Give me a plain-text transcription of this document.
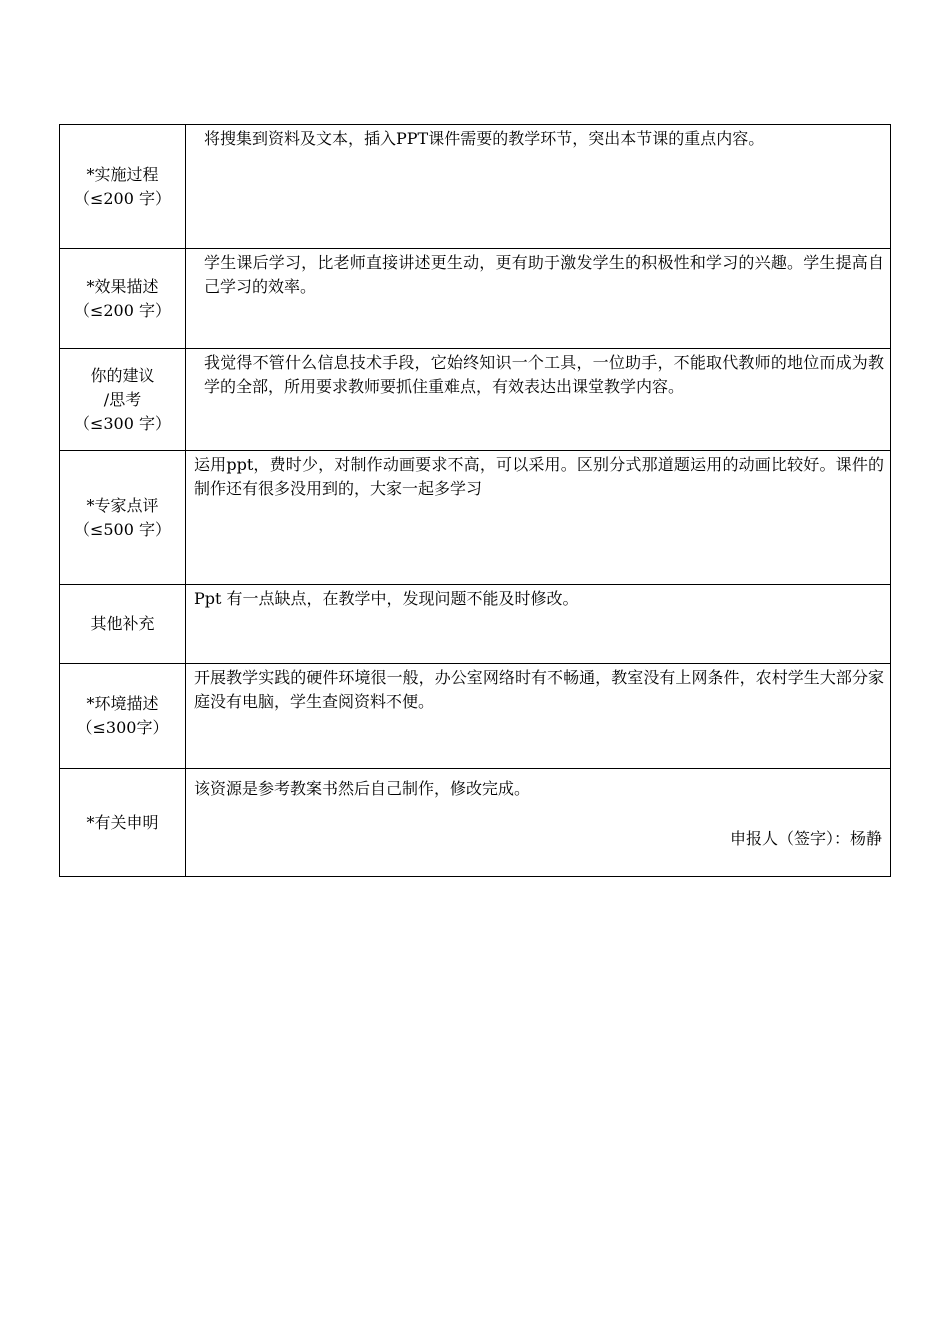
*实施过程
（≤200 字）	将搜集到资料及文本，插入PPT课件需要的教学环节，突出本节课的重点内容。

*效果描述
（≤200 字）	学生课后学习，比老师直接讲述更生动，更有助于激发学生的积极性和学习的兴趣。学生提高自己学习的效率。

你的建议
/思考
（≤300 字）	我觉得不管什么信息技术手段，它始终知识一个工具，一位助手，不能取代教师的地位而成为教学的全部，所用要求教师要抓住重难点，有效表达出课堂教学内容。

*专家点评
（≤500 字）	运用ppt，费时少，对制作动画要求不高，可以采用。区别分式那道题运用的动画比较好。课件的制作还有很多没用到的，大家一起多学习

其他补充	Ppt 有一点缺点，在教学中，发现问题不能及时修改。

*环境描述
（≤300字）	开展教学实践的硬件环境很一般，办公室网络时有不畅通，教室没有上网条件，农村学生大部分家庭没有电脑，学生查阅资料不便。

*有关申明	该资源是参考教案书然后自己制作，修改完成。
申报人（签字）：杨静
